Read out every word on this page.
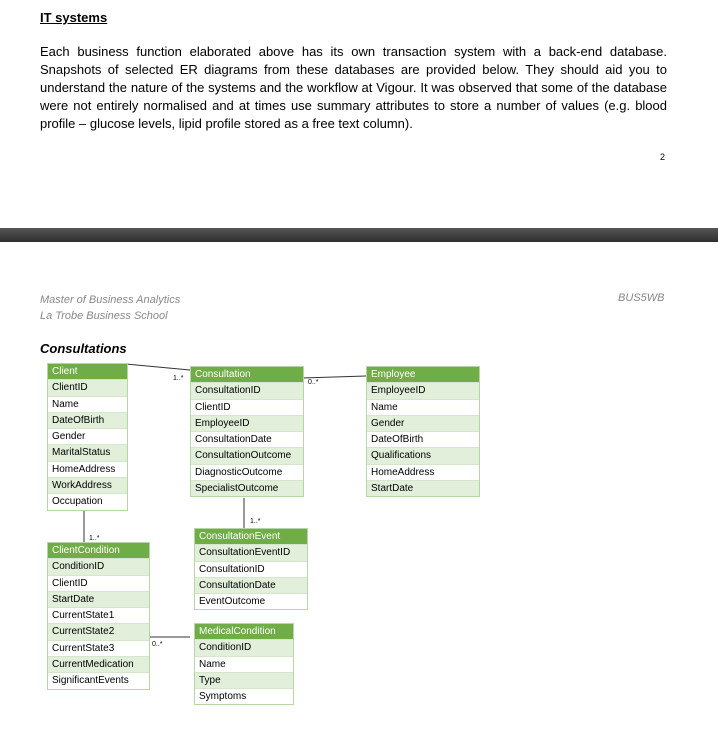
IT systems
Each business function elaborated above has its own transaction system with a back-end database. Snapshots of selected ER diagrams from these databases are provided below. They should aid you to understand the nature of the systems and the workflow at Vigour. It was observed that some of the database were not entirely normalised and at times use summary attributes to store a number of values (e.g. blood profile – glucose levels, lipid profile stored as a free text column).
2
Master of Business Analytics
La Trobe Business School
BUS5WB
Consultations
1..*
0..*
1..*
1..*
0..*
Client
ClientID
Name
DateOfBirth
Gender
MaritalStatus
HomeAddress
WorkAddress
Occupation
Consultation
ConsultationID
ClientID
EmployeeID
ConsultationDate
ConsultationOutcome
DiagnosticOutcome
SpecialistOutcome
Employee
EmployeeID
Name
Gender
DateOfBirth
Qualifications
HomeAddress
StartDate
ConsultationEvent
ConsultationEventID
ConsultationID
ConsultationDate
EventOutcome
ClientCondition
ConditionID
ClientID
StartDate
CurrentState1
CurrentState2
CurrentState3
CurrentMedication
SignificantEvents
MedicalCondition
ConditionID
Name
Type
Symptoms
